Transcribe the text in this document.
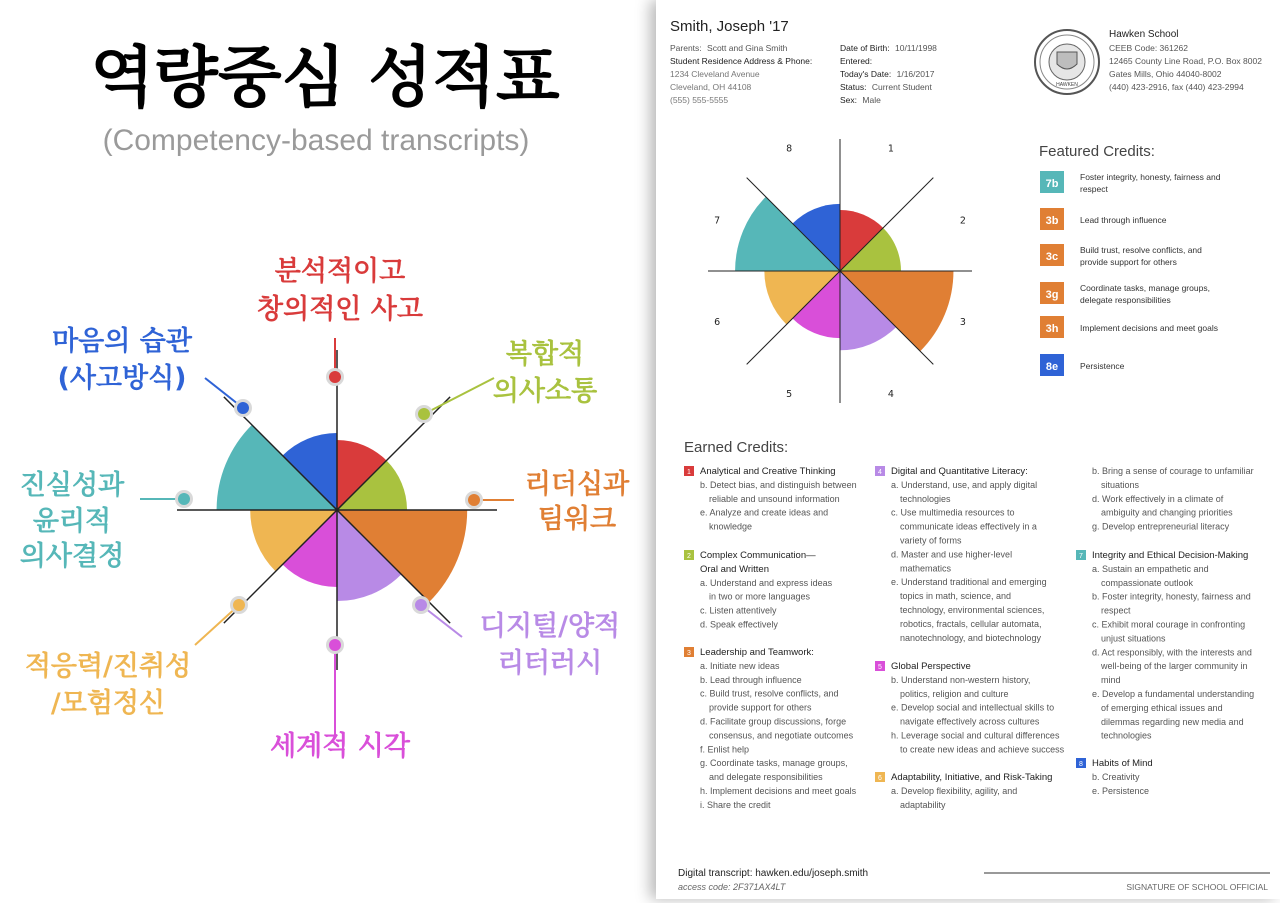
역량중심 성적표
(Competency-based transcripts)
분석적이고
창의적인 사고
복합적
의사소통
리더십과
팀워크
디지털/양적
리터러시
세계적 시각
적응력/진취성
/모험정신
진실성과
윤리적
의사결정
마음의 습관
(사고방식)
Smith, Joseph '17
Parents: Scott and Gina Smith
Student Residence Address & Phone:
1234 Cleveland Avenue
Cleveland, OH 44108
(555) 555-5555
Date of Birth: 10/11/1998
Entered:
Today's Date: 1/16/2017
Status: Current Student
Sex: Male
HAWKEN
Hawken School
CEEB Code: 361262
12465 County Line Road, P.O. Box 8002
Gates Mills, Ohio 44040-8002
(440) 423-2916, fax (440) 423-2994
1
2
3
4
5
6
7
8	Featured Credits:
7b
Foster integrity, honesty, fairness and
respect
3b	Lead through influence
3c
Build trust, resolve conflicts, and
provide support for others
3g
Coordinate tasks, manage groups,
delegate responsibilities
3h	Implement decisions and meet goals
8e	Persistence
Earned Credits:
1 Analytical and Creative Thinking
b. Detect bias, and distinguish between
reliable and unsound information
e. Analyze and create ideas and
knowledge
2 Complex Communication—
Oral and Written
a. Understand and express ideas
in two or more languages
c. Listen attentively
d. Speak effectively
3 Leadership and Teamwork:
a. Initiate new ideas
b. Lead through influence
c. Build trust, resolve conflicts, and
provide support for others
d. Facilitate group discussions, forge
consensus, and negotiate outcomes
f. Enlist help
g. Coordinate tasks, manage groups,
and delegate responsibilities
h. Implement decisions and meet goals
i. Share the credit
4 Digital and Quantitative Literacy:
a. Understand, use, and apply digital
technologies
c. Use multimedia resources to
communicate ideas effectively in a
variety of forms
d. Master and use higher-level
mathematics
e. Understand traditional and emerging
topics in math, science, and
technology, environmental sciences,
robotics, fractals, cellular automata,
nanotechnology, and biotechnology
5 Global Perspective
b. Understand non-western history,
politics, religion and culture
e. Develop social and intellectual skills to
navigate effectively across cultures
h. Leverage social and cultural differences
to create new ideas and achieve success
6 Adaptability, Initiative, and Risk-Taking
a. Develop flexibility, agility, and
adaptability
b. Bring a sense of courage to unfamiliar
situations
d. Work effectively in a climate of
ambiguity and changing priorities
g. Develop entrepreneurial literacy
7 Integrity and Ethical Decision-Making
a. Sustain an empathetic and
compassionate outlook
b. Foster integrity, honesty, fairness and
respect
c. Exhibit moral courage in confronting
unjust situations
d. Act responsibly, with the interests and
well-being of the larger community in
mind
e. Develop a fundamental understanding
of emerging ethical issues and
dilemmas regarding new media and
technologies
8 Habits of Mind
b. Creativity
e. Persistence
Digital transcript: hawken.edu/joseph.smith
access code: 2F371AX4LT	SIGNATURE OF SCHOOL OFFICIAL
